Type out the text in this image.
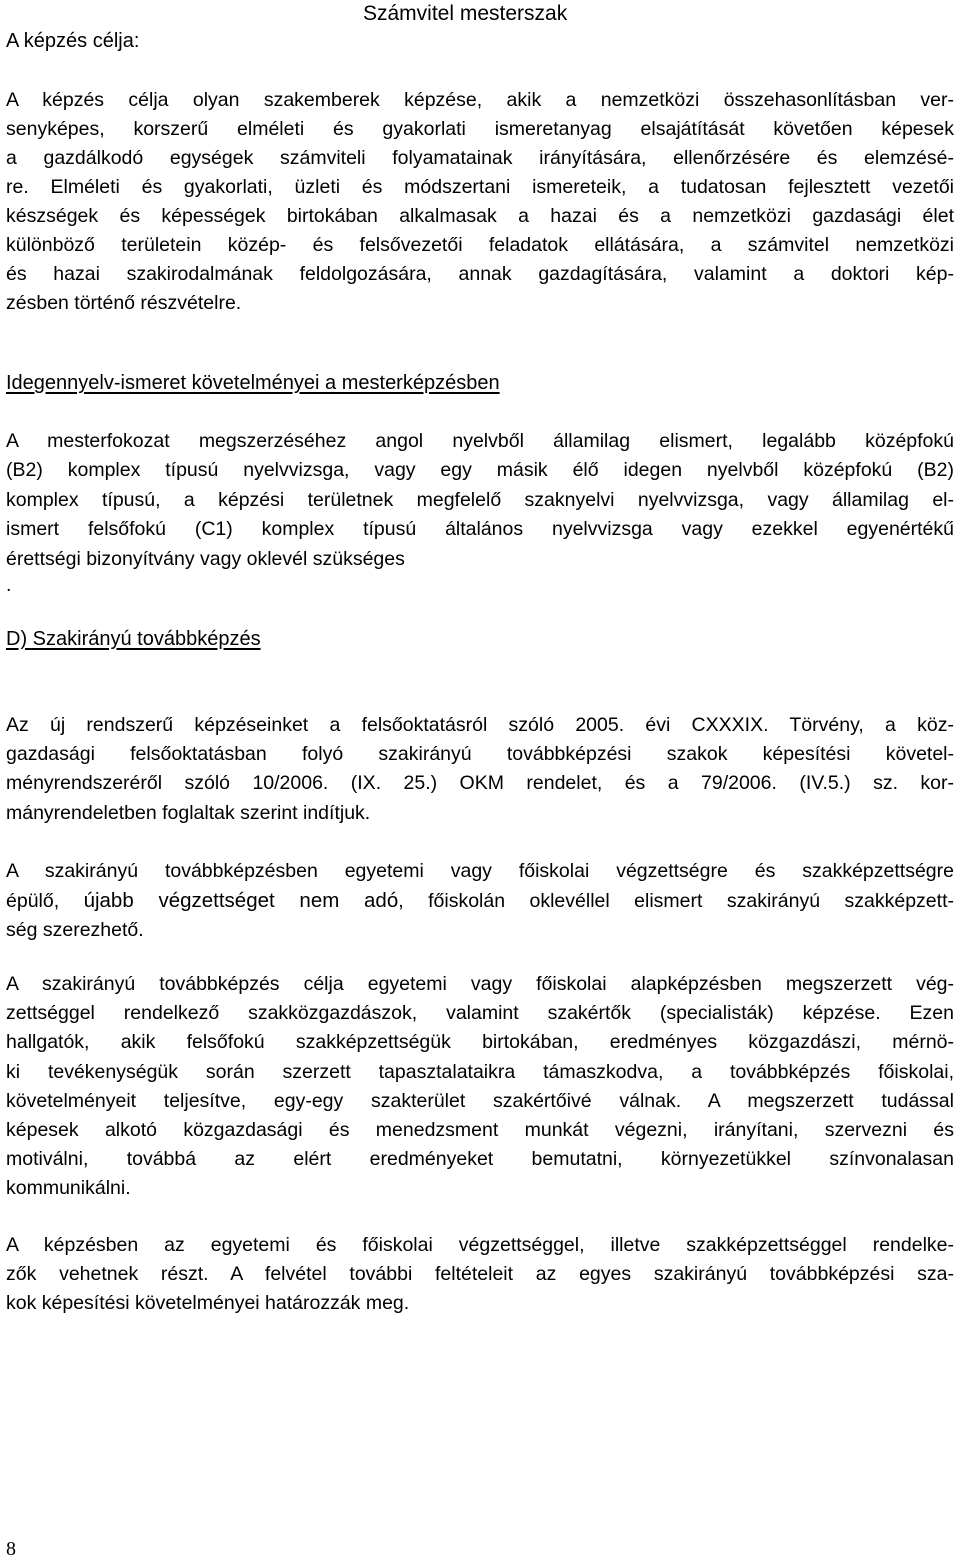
Számvitel mesterszak
A képzés célja:
A képzés célja olyan szakemberek képzése, akik a nemzetközi összehasonlításban ver-
senyképes, korszerű elméleti és gyakorlati ismeretanyag elsajátítását követően képesek
a gazdálkodó egységek számviteli folyamatainak irányítására, ellenőrzésére és elemzésé-
re. Elméleti és gyakorlati, üzleti és módszertani ismereteik, a tudatosan fejlesztett vezetői
készségek és képességek birtokában alkalmasak a hazai és a nemzetközi gazdasági élet
különböző területein közép- és felsővezetői feladatok ellátására, a számvitel nemzetközi
és hazai szakirodalmának feldolgozására, annak gazdagítására, valamint a doktori kép-
zésben történő részvételre.
Idegennyelv-ismeret követelményei a mesterképzésben
A mesterfokozat megszerzéséhez angol nyelvből államilag elismert, legalább középfokú
(B2) komplex típusú nyelvvizsga, vagy egy másik élő idegen nyelvből középfokú (B2)
komplex típusú, a képzési területnek megfelelő szaknyelvi nyelvvizsga, vagy államilag el-
ismert felsőfokú (C1) komplex típusú általános nyelvvizsga vagy ezekkel egyenértékű
érettségi bizonyítvány vagy oklevél szükséges
.
D) Szakirányú továbbképzés
Az új rendszerű képzéseinket a felsőoktatásról szóló 2005. évi CXXXIX. Törvény, a köz-
gazdasági felsőoktatásban folyó szakirányú továbbképzési szakok képesítési követel-
ményrendszeréről szóló 10/2006. (IX. 25.) OKM rendelet, és a 79/2006. (IV.5.) sz. kor-
mányrendeletben foglaltak szerint indítjuk.
A szakirányú továbbképzésben egyetemi vagy főiskolai végzettségre és szakképzettségre
épülő, újabb végzettséget nem adó, főiskolán oklevéllel elismert szakirányú szakképzett-
ség szerezhető.
A szakirányú továbbképzés célja egyetemi vagy főiskolai alapképzésben megszerzett vég-
zettséggel rendelkező szakközgazdászok, valamint szakértők (specialisták) képzése. Ezen
hallgatók, akik felsőfokú szakképzettségük birtokában, eredményes közgazdászi, mérnö-
ki tevékenységük során szerzett tapasztalataikra támaszkodva, a továbbképzés főiskolai,
követelményeit teljesítve, egy-egy szakterület szakértőivé válnak. A megszerzett tudással
képesek alkotó közgazdasági és menedzsment munkát végezni, irányítani, szervezni és
motiválni, továbbá az elért eredményeket bemutatni, környezetükkel színvonalasan
kommunikálni.
A képzésben az egyetemi és főiskolai végzettséggel, illetve szakképzettséggel rendelke-
zők vehetnek részt. A felvétel további feltételeit az egyes szakirányú továbbképzési sza-
kok képesítési követelményei határozzák meg.
8
